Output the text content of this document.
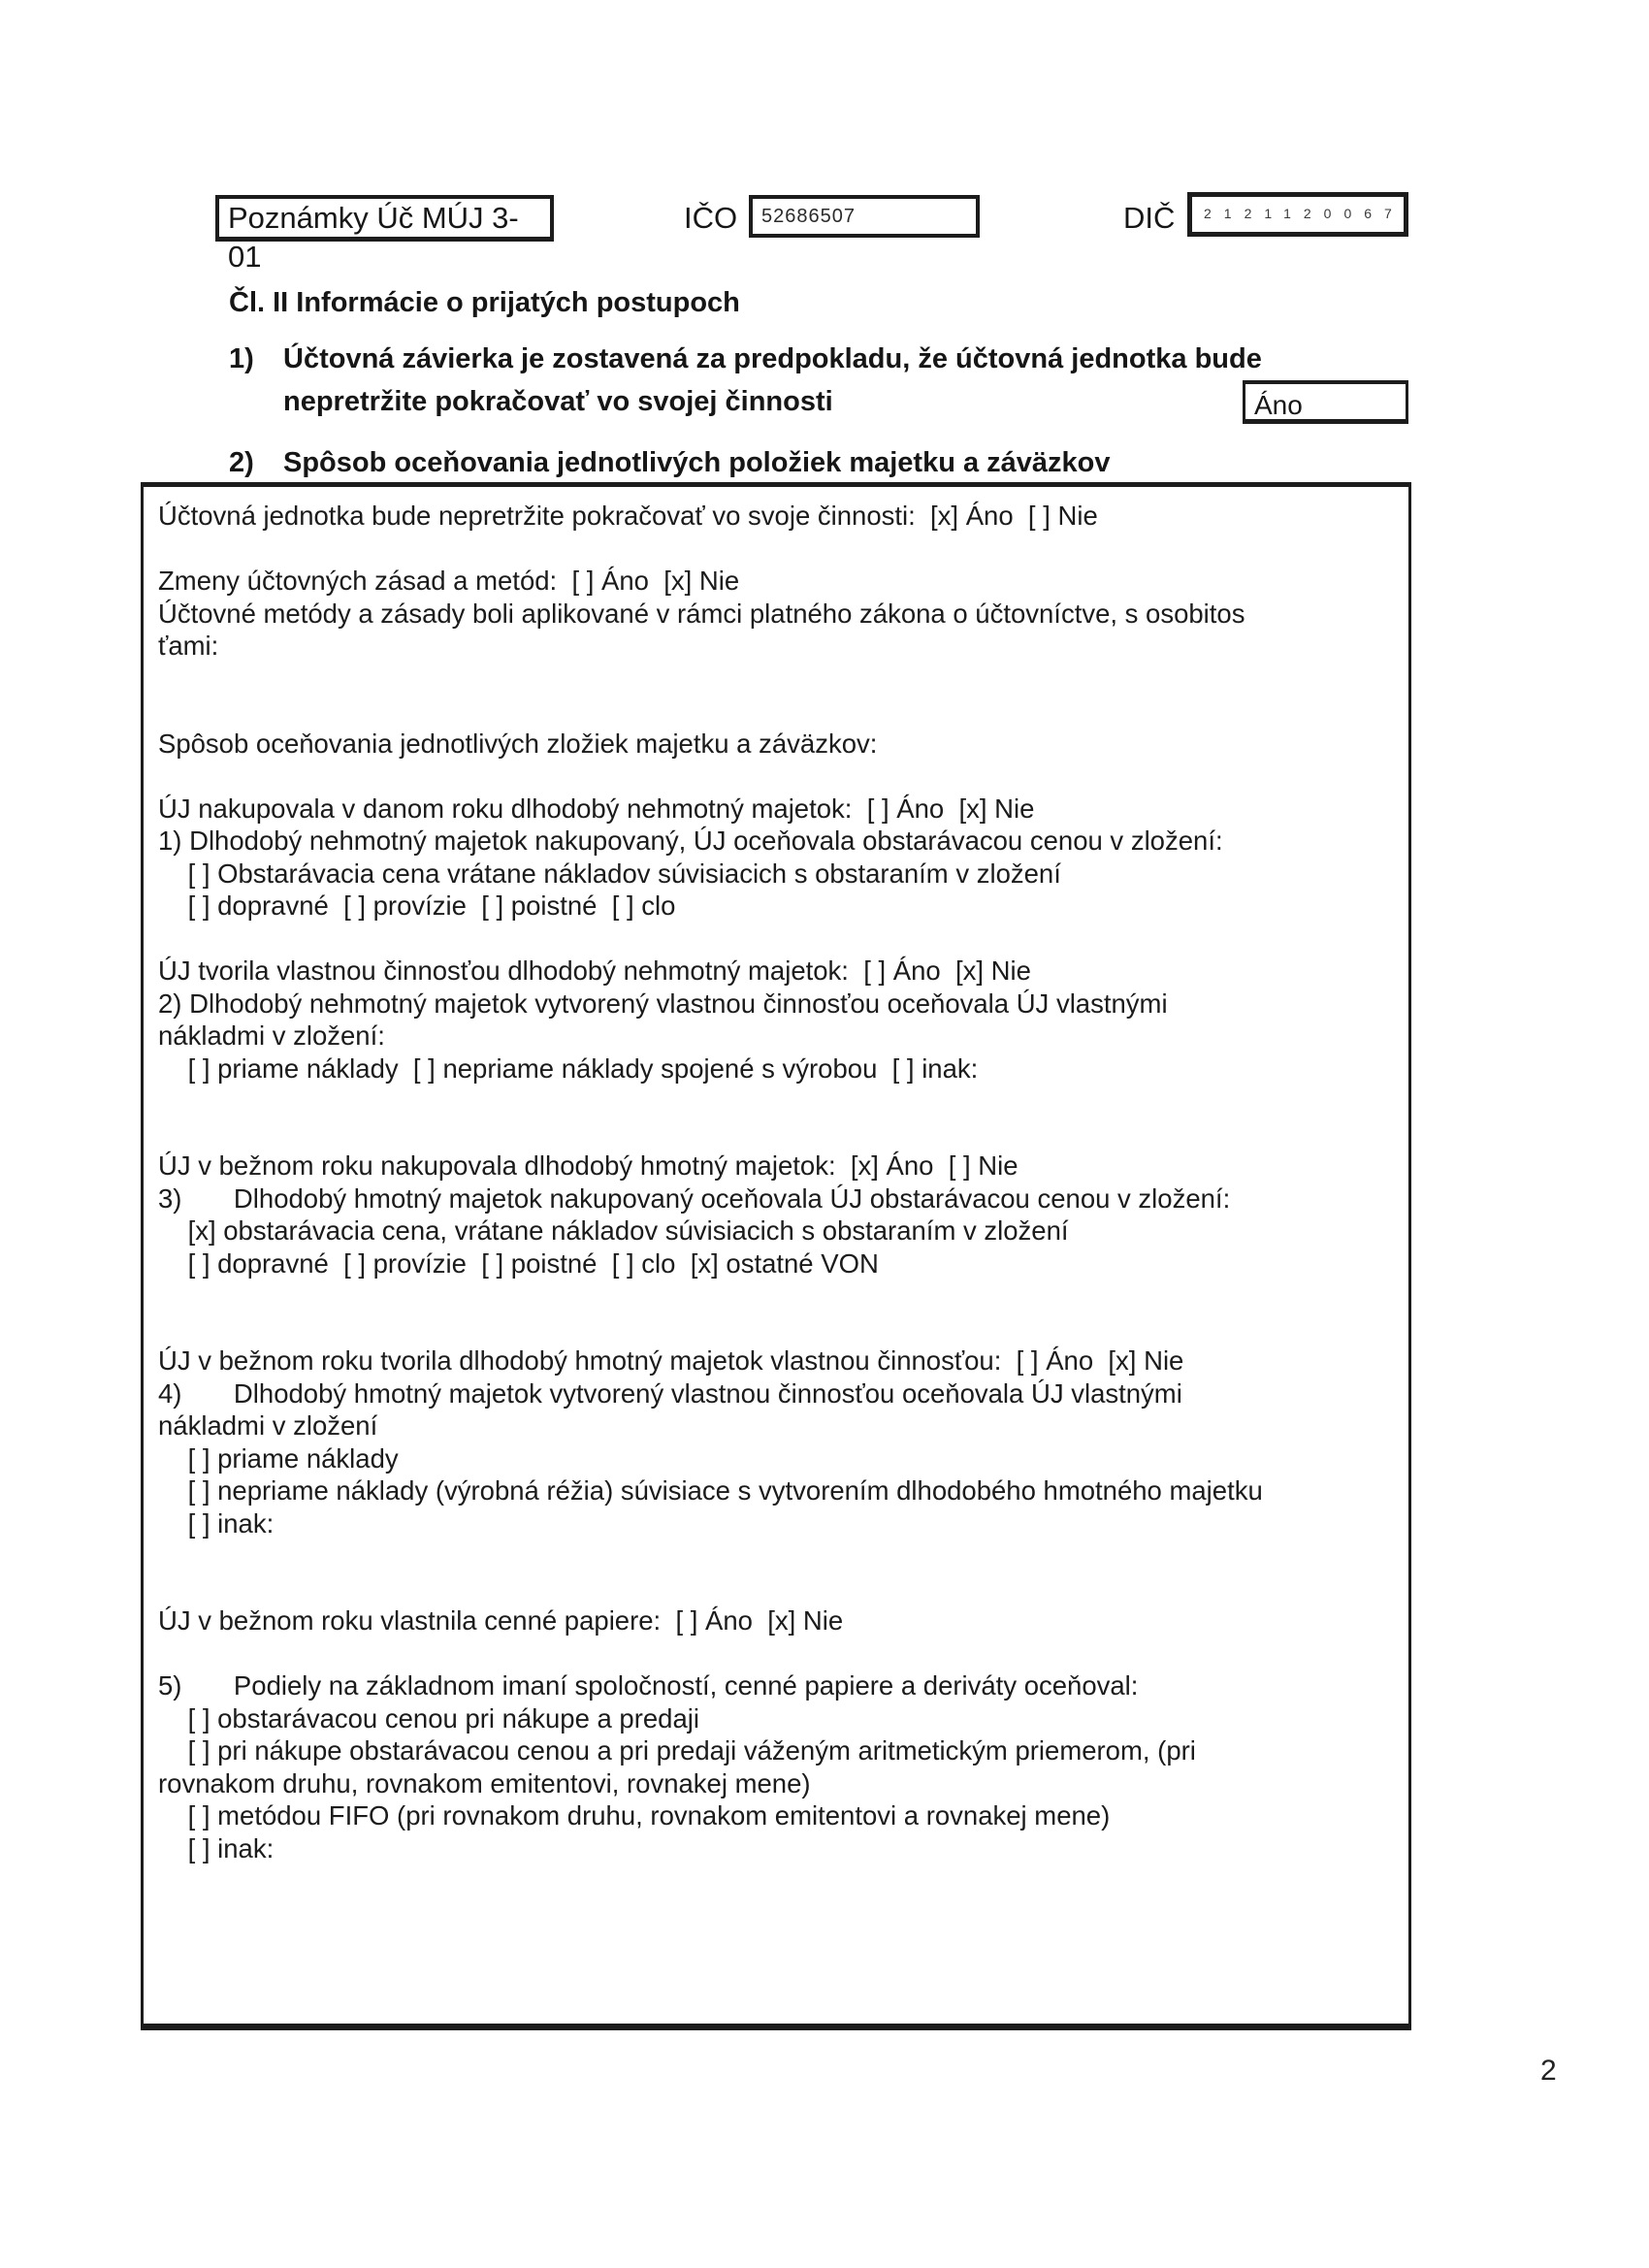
Poznámky Úč MÚJ 3-01
IČO	52686507	DIČ	2121120067
Čl. II Informácie o prijatých postupoch
1) Účtovná závierka je zostavená za predpokladu, že účtovná jednotka bude
nepretržite pokračovať vo svojej činnosti	Áno
2) Spôsob oceňovania jednotlivých položiek majetku a záväzkov
Účtovná jednotka bude nepretržite pokračovať vo svoje činnosti:  [x] Áno  [ ] Nie
Zmeny účtovných zásad a metód:  [ ] Áno  [x] Nie
Účtovné metódy a zásady boli aplikované v rámci platného zákona o účtovníctve, s osobitos
ťami:
Spôsob oceňovania jednotlivých zložiek majetku a záväzkov:
ÚJ nakupovala v danom roku dlhodobý nehmotný majetok:  [ ] Áno  [x] Nie
1) Dlhodobý nehmotný majetok nakupovaný, ÚJ oceňovala obstarávacou cenou v zložení:
[ ] Obstarávacia cena vrátane nákladov súvisiacich s obstaraním v zložení
[ ] dopravné  [ ] provízie  [ ] poistné  [ ] clo
ÚJ tvorila vlastnou činnosťou dlhodobý nehmotný majetok:  [ ] Áno  [x] Nie
2) Dlhodobý nehmotný majetok vytvorený vlastnou činnosťou oceňovala ÚJ vlastnými
nákladmi v zložení:
[ ] priame náklady  [ ] nepriame náklady spojené s výrobou  [ ] inak:
ÚJ v bežnom roku nakupovala dlhodobý hmotný majetok:  [x] Áno  [ ] Nie
3)       Dlhodobý hmotný majetok nakupovaný oceňovala ÚJ obstarávacou cenou v zložení:
[x] obstarávacia cena, vrátane nákladov súvisiacich s obstaraním v zložení
[ ] dopravné  [ ] provízie  [ ] poistné  [ ] clo  [x] ostatné VON
ÚJ v bežnom roku tvorila dlhodobý hmotný majetok vlastnou činnosťou:  [ ] Áno  [x] Nie
4)       Dlhodobý hmotný majetok vytvorený vlastnou činnosťou oceňovala ÚJ vlastnými
nákladmi v zložení
[ ] priame náklady
[ ] nepriame náklady (výrobná réžia) súvisiace s vytvorením dlhodobého hmotného majetku
[ ] inak:
ÚJ v bežnom roku vlastnila cenné papiere:  [ ] Áno  [x] Nie
5)       Podiely na základnom imaní spoločností, cenné papiere a deriváty oceňoval:
[ ] obstarávacou cenou pri nákupe a predaji
[ ] pri nákupe obstarávacou cenou a pri predaji váženým aritmetickým priemerom, (pri
rovnakom druhu, rovnakom emitentovi, rovnakej mene)
[ ] metódou FIFO (pri rovnakom druhu, rovnakom emitentovi a rovnakej mene)
[ ] inak:
2
